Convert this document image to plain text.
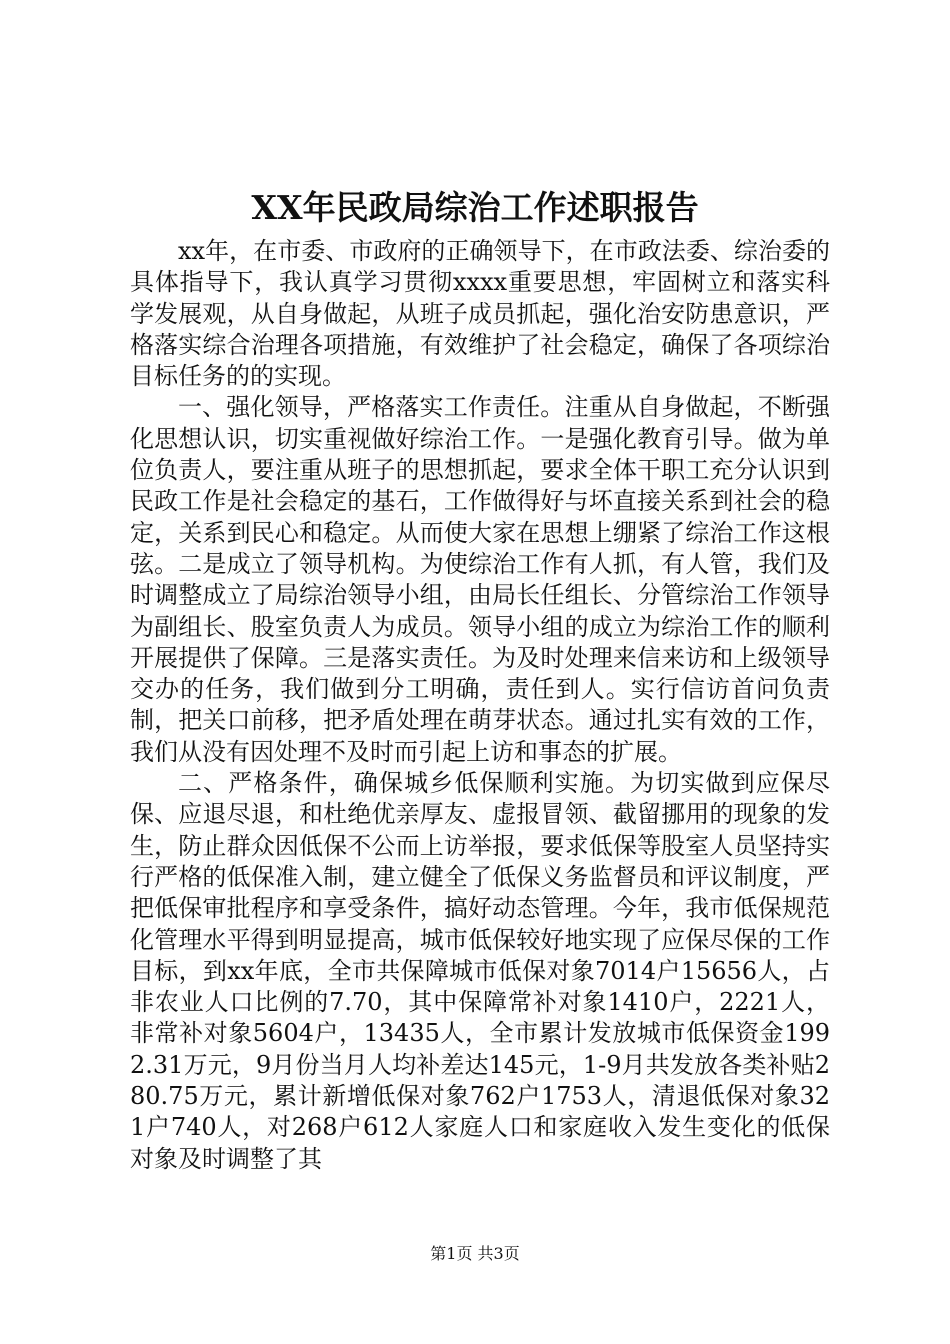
XX年民政局综治工作述职报告

xx年，在市委、市政府的正确领导下，在市政法委、综治委的具体指导下，我认真学习贯彻xxxx重要思想，牢固树立和落实科学发展观，从自身做起，从班子成员抓起，强化治安防患意识，严格落实综合治理各项措施，有效维护了社会稳定，确保了各项综治目标任务的的实现。

一、强化领导，严格落实工作责任。注重从自身做起，不断强化思想认识，切实重视做好综治工作。一是强化教育引导。做为单位负责人，要注重从班子的思想抓起，要求全体干职工充分认识到民政工作是社会稳定的基石，工作做得好与坏直接关系到社会的稳定，关系到民心和稳定。从而使大家在思想上绷紧了综治工作这根弦。二是成立了领导机构。为使综治工作有人抓，有人管，我们及时调整成立了局综治领导小组，由局长任组长、分管综治工作领导为副组长、股室负责人为成员。领导小组的成立为综治工作的顺利开展提供了保障。三是落实责任。为及时处理来信来访和上级领导交办的任务，我们做到分工明确，责任到人。实行信访首问负责制，把关口前移，把矛盾处理在萌芽状态。通过扎实有效的工作，我们从没有因处理不及时而引起上访和事态的扩展。

二、严格条件，确保城乡低保顺利实施。为切实做到应保尽保、应退尽退，和杜绝优亲厚友、虚报冒领、截留挪用的现象的发生，防止群众因低保不公而上访举报，要求低保等股室人员坚持实行严格的低保准入制，建立健全了低保义务监督员和评议制度，严把低保审批程序和享受条件，搞好动态管理。今年，我市低保规范化管理水平得到明显提高，城市低保较好地实现了应保尽保的工作目标，到xx年底，全市共保障城市低保对象7014户15656人，占非农业人口比例的7.70，其中保障常补对象1410户，2221人，非常补对象5604户，13435人，全市累计发放城市低保资金1992.31万元，9月份当月人均补差达145元，1-9月共发放各类补贴280.75万元，累计新增低保对象762户1753人，清退低保对象321户740人，对268户612人家庭人口和家庭收入发生变化的低保对象及时调整了其

第1页 共3页
